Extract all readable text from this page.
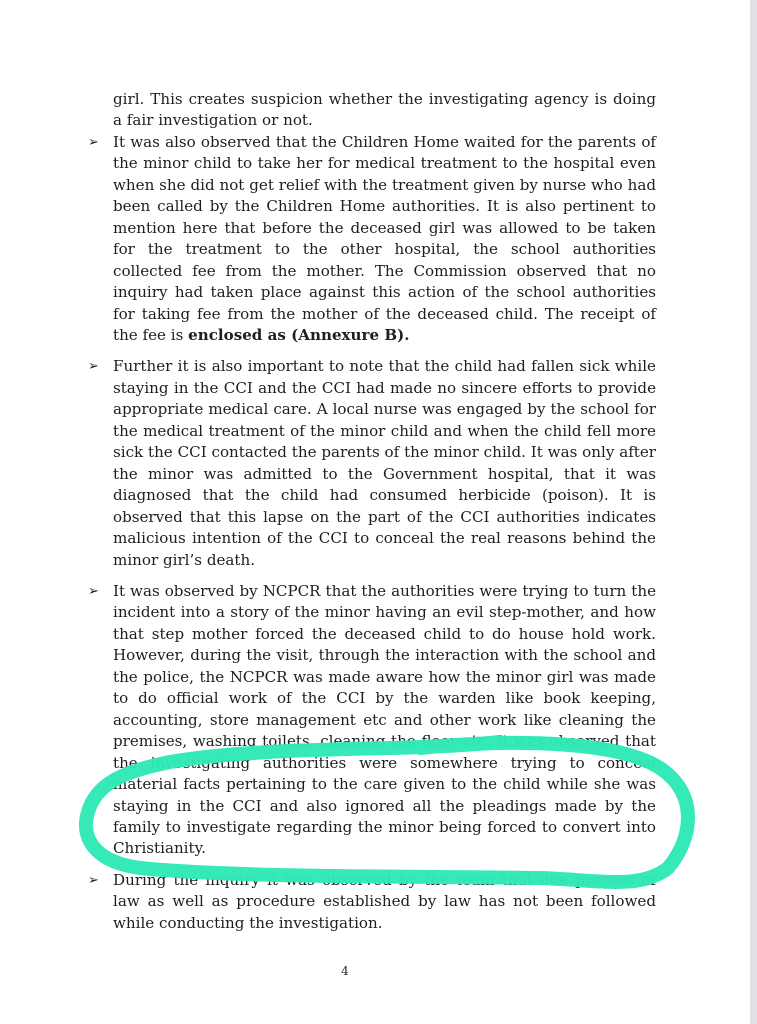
girl. This creates suspicion whether the investigating agency is doing a fair investigation or not.

➢ It was also observed that the Children Home waited for the parents of the minor child to take her for medical treatment to the hospital even when she did not get relief with the treatment given by nurse who had been called by the Children Home authorities. It is also pertinent to mention here that before the deceased girl was allowed to be taken for the treatment to the other hospital, the school authorities collected fee from the mother. The Commission observed that no inquiry had taken place against this action of the school authorities for taking fee from the mother of the deceased child. The receipt of the fee is enclosed as (Annexure B).

➢ Further it is also important to note that the child had fallen sick while staying in the CCI and the CCI had made no sincere efforts to provide appropriate medical care. A local nurse was engaged by the school for the medical treatment of the minor child and when the child fell more sick the CCI contacted the parents of the minor child. It was only after the minor was admitted to the Government hospital, that it was diagnosed that the child had consumed herbicide (poison). It is observed that this lapse on the part of the CCI authorities indicates malicious intention of the CCI to conceal the real reasons behind the minor girl’s death.

➢ It was observed by NCPCR that the authorities were trying to turn the incident into a story of the minor having an evil step-mother, and how that step mother forced the deceased child to do house hold work. However, during the visit, through the interaction with the school and the police, the NCPCR was made aware how the minor girl was made to do official work of the CCI by the warden like book keeping, accounting, store management etc and other work like cleaning the premises, washing toilets, cleaning the floor etc. It was observed that the investigating authorities were somewhere trying to conceal material facts pertaining to the care given to the child while she was staying in the CCI and also ignored all the pleadings made by the family to investigate regarding the minor being forced to convert into Christianity.

➢ During the inquiry it was observed by the team that due process of law as well as procedure established by law has not been followed while conducting the investigation.

4
